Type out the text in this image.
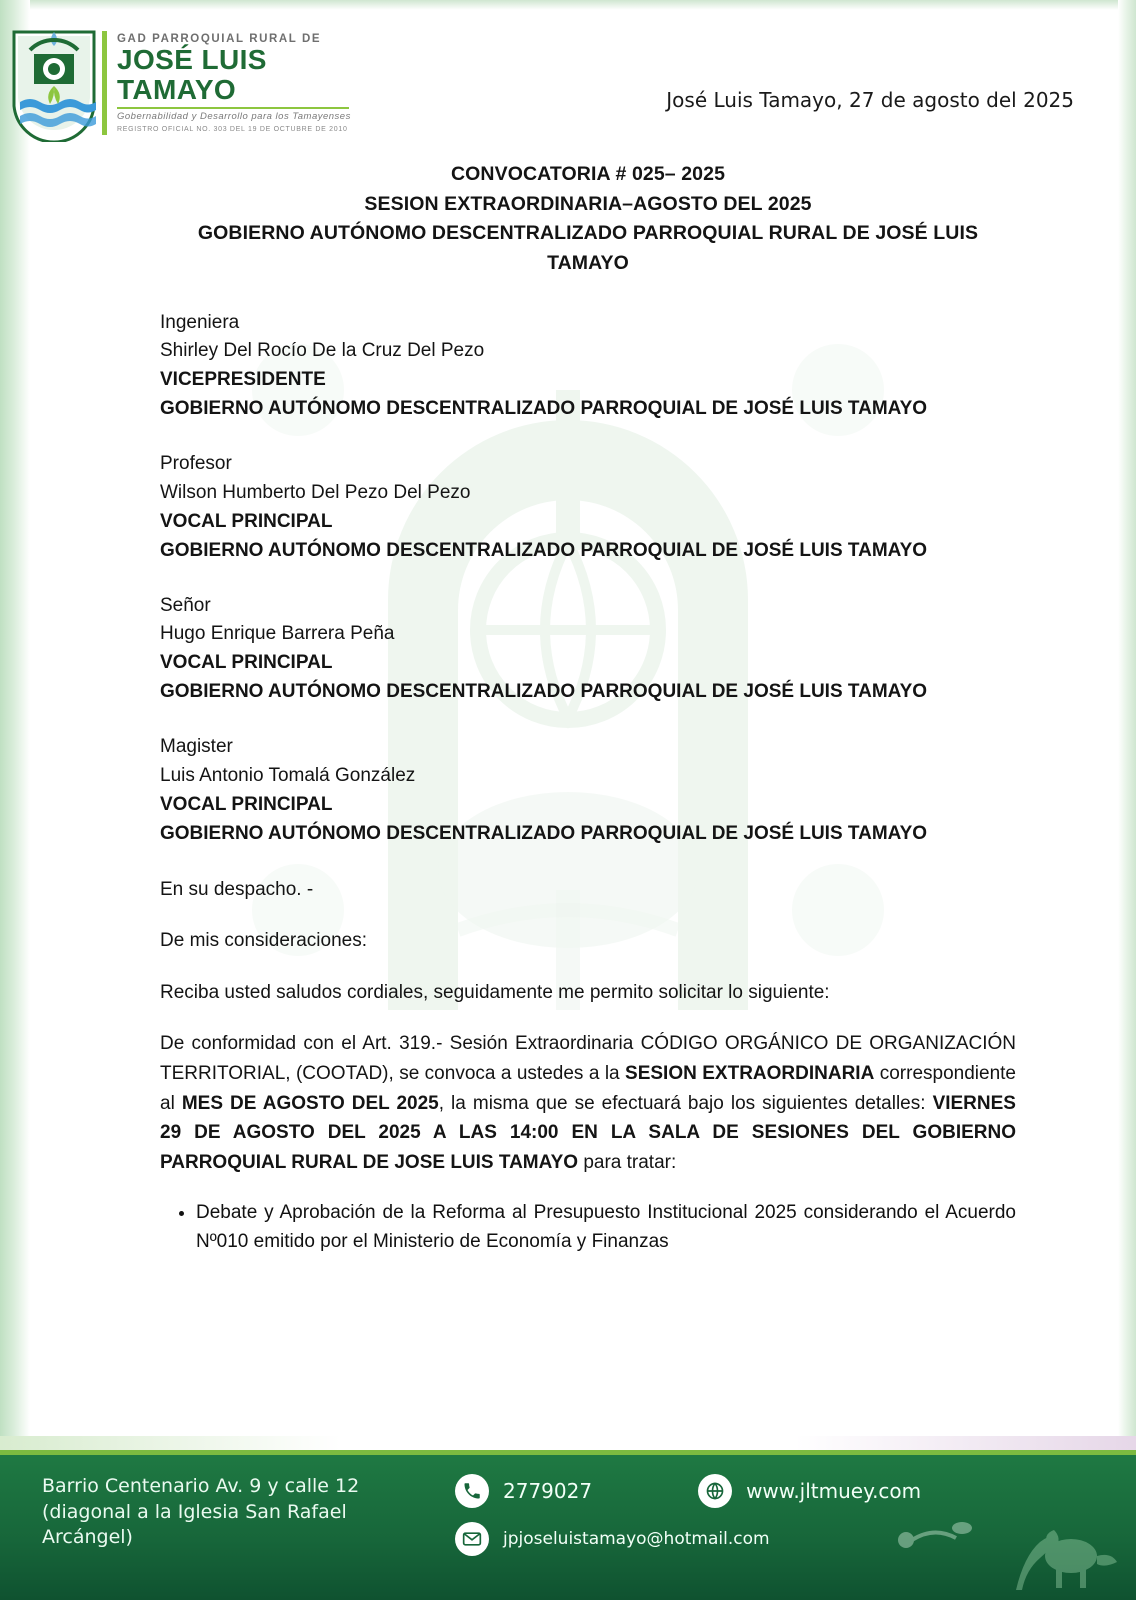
GAD PARROQUIAL RURAL DE
JOSÉ LUIS TAMAYO
Gobernabilidad y Desarrollo para los Tamayenses
REGISTRO OFICIAL NO. 303 DEL 19 DE OCTUBRE DE 2010
José Luis Tamayo, 27 de agosto del 2025
CONVOCATORIA # 025– 2025
SESION EXTRAORDINARIA–AGOSTO DEL 2025
GOBIERNO AUTÓNOMO DESCENTRALIZADO PARROQUIAL RURAL DE JOSÉ LUIS TAMAYO
Ingeniera
Shirley Del Rocío De la Cruz Del Pezo
VICEPRESIDENTE
GOBIERNO AUTÓNOMO DESCENTRALIZADO PARROQUIAL DE JOSÉ LUIS TAMAYO
Profesor
Wilson Humberto Del Pezo Del Pezo
VOCAL PRINCIPAL
GOBIERNO AUTÓNOMO DESCENTRALIZADO PARROQUIAL DE JOSÉ LUIS TAMAYO
Señor
Hugo Enrique Barrera Peña
VOCAL PRINCIPAL
GOBIERNO AUTÓNOMO DESCENTRALIZADO PARROQUIAL DE JOSÉ LUIS TAMAYO
Magister
Luis Antonio Tomalá González
VOCAL PRINCIPAL
GOBIERNO AUTÓNOMO DESCENTRALIZADO PARROQUIAL DE JOSÉ LUIS TAMAYO
En su despacho. -
De mis consideraciones:
Reciba usted saludos cordiales, seguidamente me permito solicitar lo siguiente:
De conformidad con el Art. 319.- Sesión Extraordinaria CÓDIGO ORGÁNICO DE ORGANIZACIÓN TERRITORIAL, (COOTAD), se convoca a ustedes a la SESION EXTRAORDINARIA correspondiente al MES DE AGOSTO DEL 2025, la misma que se efectuará bajo los siguientes detalles: VIERNES 29 DE AGOSTO DEL 2025 A LAS 14:00 EN LA SALA DE SESIONES DEL GOBIERNO PARROQUIAL RURAL DE JOSE LUIS TAMAYO para tratar:
• Debate y Aprobación de la Reforma al Presupuesto Institucional 2025 considerando el Acuerdo Nº010 emitido por el Ministerio de Economía y Finanzas
Barrio Centenario Av. 9 y calle 12 (diagonal a la Iglesia San Rafael Arcángel)
2779027	www.jltmuey.com
jpjoseluistamayo@hotmail.com
